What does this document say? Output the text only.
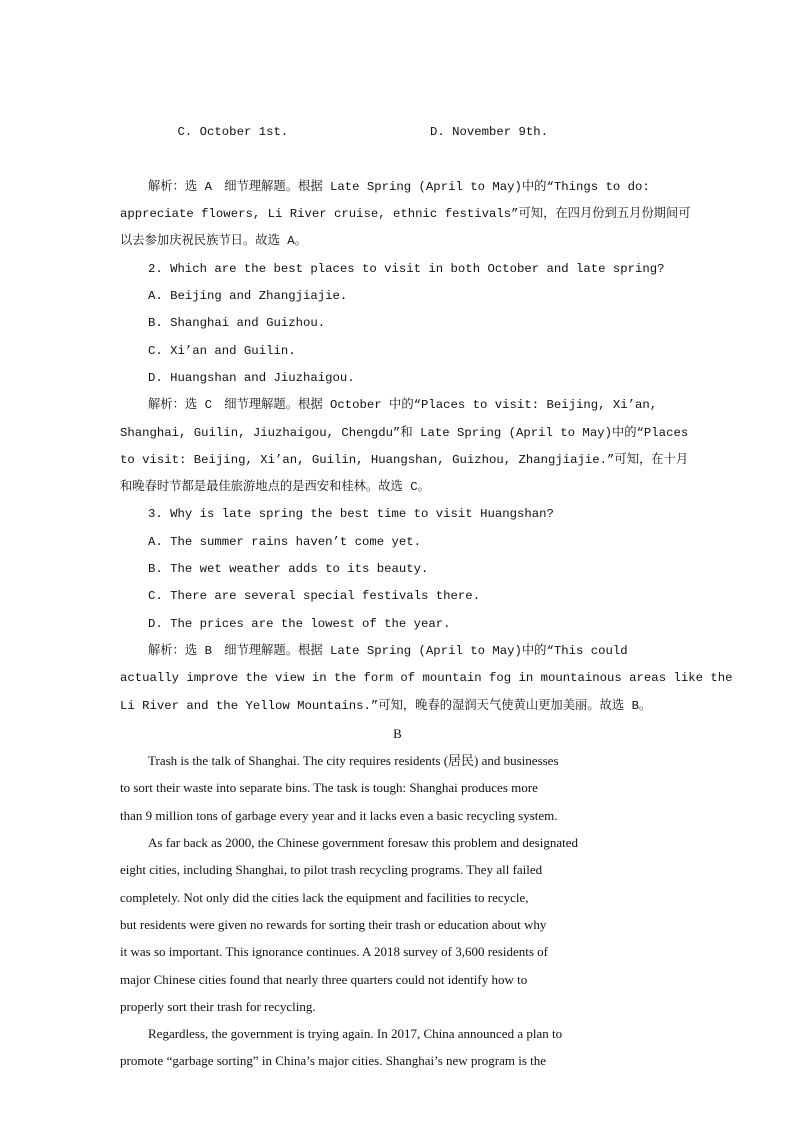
C. October 1st.	D. November 9th.

解析：选 A　细节理解题。根据 Late Spring (April to May)中的“Things to do:
appreciate flowers, Li River cruise, ethnic festivals”可知，在四月份到五月份期间可
以去参加庆祝民族节日。故选 A。
2. Which are the best places to visit in both October and late spring?
A. Beijing and Zhangjiajie.
B. Shanghai and Guizhou.
C. Xi’an and Guilin.
D. Huangshan and Jiuzhaigou.
解析：选 C　细节理解题。根据 October 中的“Places to visit: Beijing, Xi’an,
Shanghai, Guilin, Jiuzhaigou, Chengdu”和 Late Spring (April to May)中的“Places
to visit: Beijing, Xi’an, Guilin, Huangshan, Guizhou, Zhangjiajie.”可知，在十月
和晚春时节都是最佳旅游地点的是西安和桂林。故选 C。
3. Why is late spring the best time to visit Huangshan?
A. The summer rains haven’t come yet.
B. The wet weather adds to its beauty.
C. There are several special festivals there.
D. The prices are the lowest of the year.
解析：选 B　细节理解题。根据 Late Spring (April to May)中的“This could
actually improve the view in the form of mountain fog in mountainous areas like the
Li River and the Yellow Mountains.”可知，晚春的湿润天气使黄山更加美丽。故选 B。
B
Trash is the talk of Shanghai. The city requires residents (居民) and businesses
to sort their waste into separate bins. The task is tough: Shanghai produces more
than 9 million tons of garbage every year and it lacks even a basic recycling system.
As far back as 2000, the Chinese government foresaw this problem and designated
eight cities, including Shanghai, to pilot trash recycling programs. They all failed
completely. Not only did the cities lack the equipment and facilities to recycle,
but residents were given no rewards for sorting their trash or education about why
it was so important. This ignorance continues. A 2018 survey of 3,600 residents of
major Chinese cities found that nearly three quarters could not identify how to
properly sort their trash for recycling.
Regardless, the government is trying again. In 2017, China announced a plan to
promote “garbage sorting” in China’s major cities. Shanghai’s new program is the
